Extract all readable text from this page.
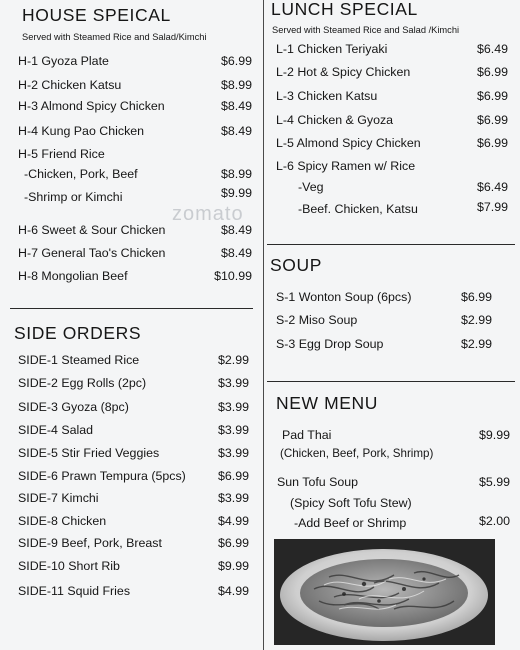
zomato
HOUSE SPEICAL
Served with Steamed Rice and Salad/Kimchi
H-1 Gyoza Plate	$6.99
H-2 Chicken Katsu	$8.99
H-3 Almond Spicy Chicken	$8.49
H-4 Kung Pao Chicken	$8.49
H-5 Friend Rice
-Chicken, Pork, Beef	$8.99
-Shrimp or Kimchi	$9.99
H-6 Sweet & Sour Chicken	$8.49
H-7 General Tao's Chicken	$8.49
H-8 Mongolian Beef	$10.99
SIDE ORDERS
SIDE-1 Steamed Rice	$2.99
SIDE-2 Egg Rolls (2pc)	$3.99
SIDE-3 Gyoza (8pc)	$3.99
SIDE-4 Salad	$3.99
SIDE-5 Stir Fried Veggies	$3.99
SIDE-6 Prawn Tempura (5pcs)	$6.99
SIDE-7 Kimchi	$3.99
SIDE-8 Chicken	$4.99
SIDE-9 Beef, Pork, Breast	$6.99
SIDE-10 Short Rib	$9.99
SIDE-11 Squid Fries	$4.99
LUNCH SPECIAL
Served with Steamed Rice and Salad /Kimchi
L-1 Chicken Teriyaki	$6.49
L-2 Hot & Spicy Chicken	$6.99
L-3 Chicken Katsu	$6.99
L-4 Chicken & Gyoza	$6.99
L-5 Almond Spicy Chicken	$6.99
L-6 Spicy Ramen w/ Rice
-Veg	$6.49
-Beef. Chicken, Katsu	$7.99
SOUP
S-1 Wonton Soup (6pcs)	$6.99
S-2 Miso Soup	$2.99
S-3 Egg Drop Soup	$2.99
NEW MENU
Pad Thai	$9.99
(Chicken, Beef, Pork, Shrimp)
Sun Tofu Soup	$5.99
(Spicy Soft Tofu Stew)
-Add Beef or Shrimp	$2.00
